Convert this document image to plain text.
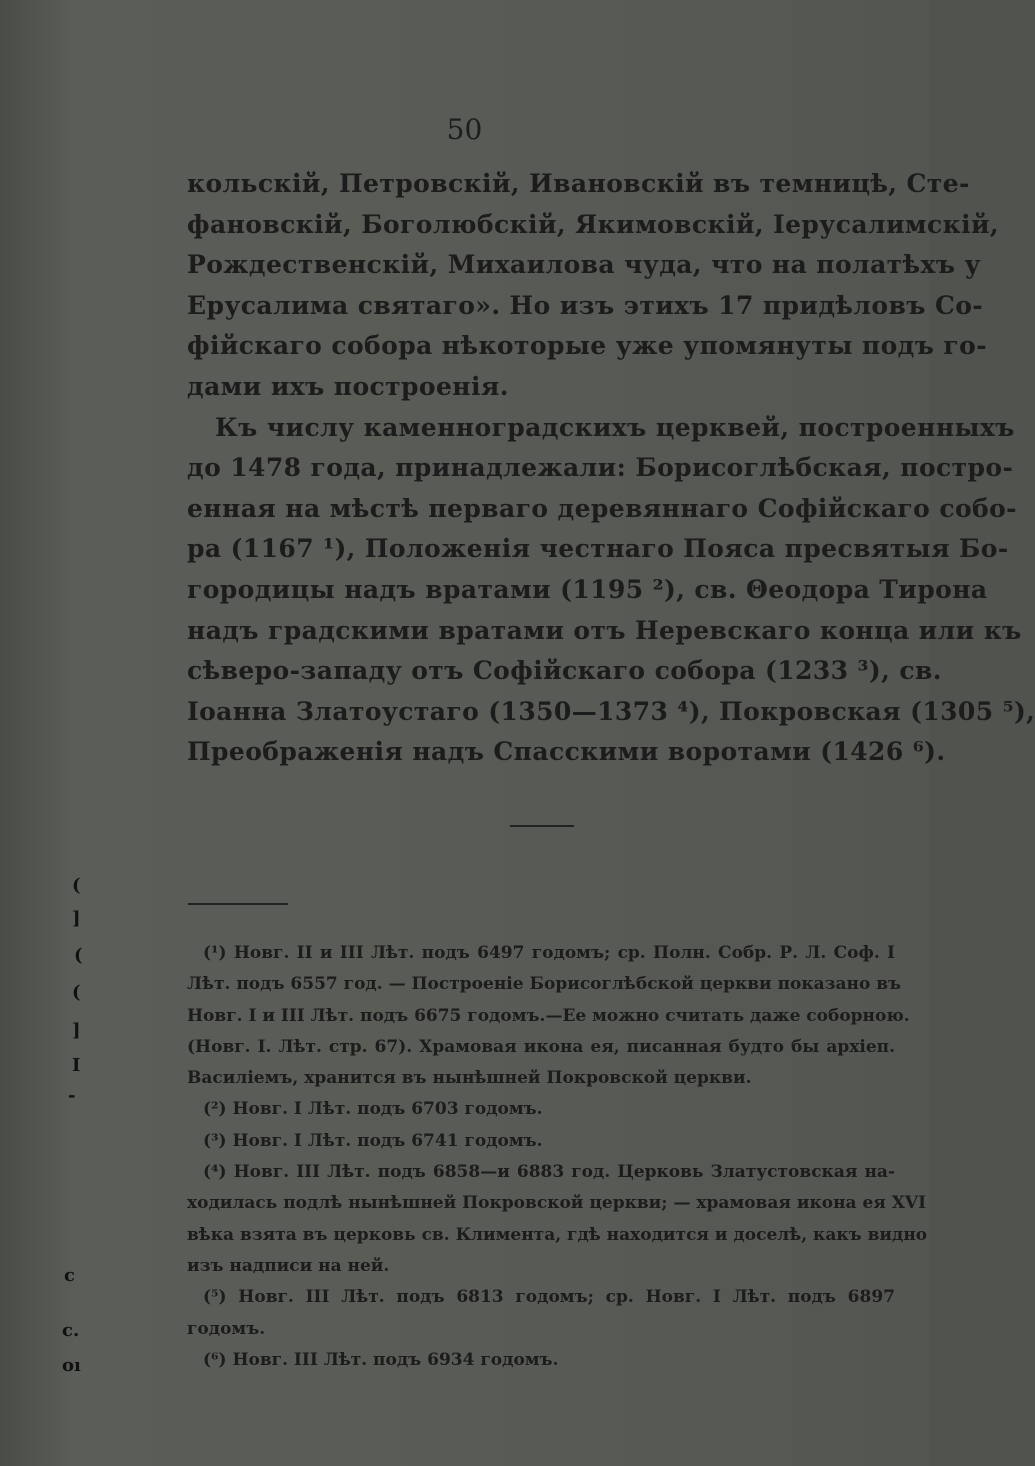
50
кольскій, Петровскій, Ивановскій въ темницѣ, Сте-
фановскій, Боголюбскій, Якимовскій, Іерусалимскій,
Рождественскій, Михаилова чуда, что на полатѣхъ у
Ерусалима святаго». Но изъ этихъ 17 придѣловъ Со-
фійскаго собора нѣкоторые уже упомянуты подъ го-
дами ихъ построенія.
Къ числу каменноградскихъ церквей, построенныхъ
до 1478 года, принадлежали: Борисоглѣбская, постро-
енная на мѣстѣ перваго деревяннаго Софійскаго собо-
ра (1167 ¹), Положенія честнаго Пояса пресвятыя Бо-
городицы надъ вратами (1195 ²), св. Θеодора Тирона
надъ градскими вратами отъ Неревскаго конца или къ
сѣверо-западу отъ Софійскаго собора (1233 ³), св.
Іоанна Златоустаго (1350—1373 ⁴), Покровская (1305 ⁵),
Преображенія надъ Спасскими воротами (1426 ⁶).
(¹) Новг. II и III Лѣт. подъ 6497 годомъ; ср. Полн. Собр. Р. Л. Соф. I
Лѣт. подъ 6557 год. — Построеніе Борисоглѣбской церкви показано въ
Новг. I и III Лѣт. подъ 6675 годомъ.—Ее можно считать даже соборною.
(Новг. I. Лѣт. стр. 67). Храмовая икона ея, писанная будто бы архіеп.
Василіемъ, хранится въ нынѣшней Покровской церкви.
(²) Новг. I Лѣт. подъ 6703 годомъ.
(³) Новг. I Лѣт. подъ 6741 годомъ.
(⁴) Новг. III Лѣт. подъ 6858—и 6883 год. Церковь Златустовская на-
ходилась подлѣ нынѣшней Покровской церкви; — храмовая икона ея XVI
вѣка взята въ церковь св. Климента, гдѣ находится и доселѣ, какъ видно
изъ надписи на ней.
(⁵) Новг. III Лѣт. подъ 6813 годомъ; ср. Новг. I Лѣт. подъ 6897
годомъ.
(⁶) Новг. III Лѣт. подъ 6934 годомъ.
(
]
(
(
]
I
-
c
c.
oı
